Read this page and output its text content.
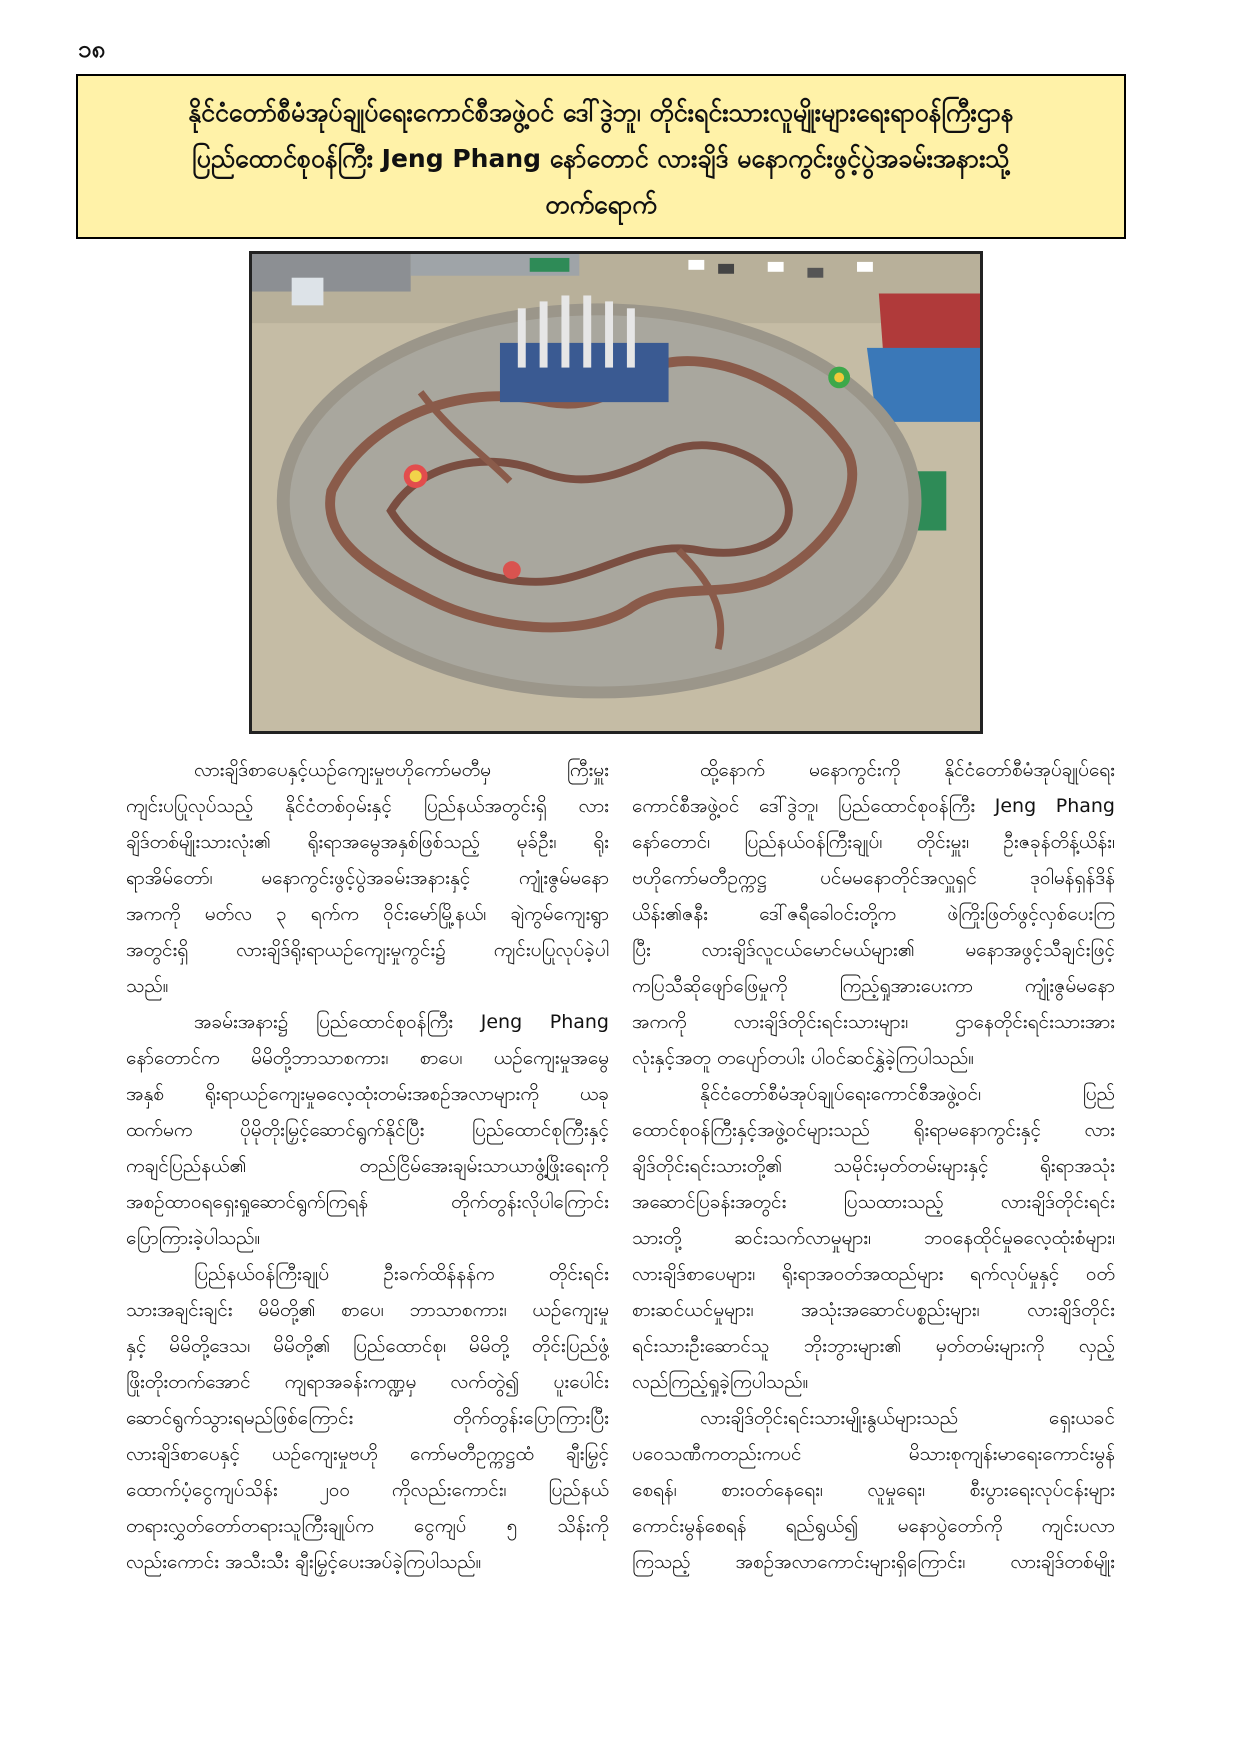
၁၈
နိုင်ငံတော်စီမံအုပ်ချုပ်ရေးကောင်စီအဖွဲ့ဝင် ဒေါ်ဒွဲဘူ၊ တိုင်းရင်းသားလူမျိုးများရေးရာဝန်ကြီးဌာန
ပြည်ထောင်စုဝန်ကြီး Jeng Phang နော်တောင် လားချိဒ် မနောကွင်းဖွင့်ပွဲအခမ်းအနားသို့
တက်ရောက်
လားချိဒ်စာပေနှင့်ယဉ်ကျေးမှုဗဟိုကော်မတီမှ ကြီးမှူး
ကျင်းပပြုလုပ်သည့် နိုင်ငံတစ်ဝှမ်းနှင့် ပြည်နယ်အတွင်းရှိ လား
ချိဒ်တစ်မျိုးသားလုံး၏ ရိုးရာအမွေအနှစ်ဖြစ်သည့် မုခ်ဦး၊ ရိုး
ရာအိမ်တော်၊ မနောကွင်းဖွင့်ပွဲအခမ်းအနားနှင့် ကျုံးဇွမ်မနော
အကကို မတ်လ ၃ ရက်က ဝိုင်းမော်မြို့နယ်၊ ချဲကွမ်ကျေးရွာ
အတွင်းရှိ လားချိဒ်ရိုးရာယဉ်ကျေးမှုကွင်း၌ ကျင်းပပြုလုပ်ခဲ့ပါ
သည်။
အခမ်းအနား၌ ပြည်ထောင်စုဝန်ကြီး Jeng Phang
နော်တောင်က မိမိတို့ဘာသာစကား၊ စာပေ၊ ယဉ်ကျေးမှုအမွေ
အနှစ် ရိုးရာယဉ်ကျေးမှုဓလေ့ထုံးတမ်းအစဉ်အလာများကို ယခု
ထက်မက ပိုမိုတိုးမြှင့်ဆောင်ရွက်နိုင်ပြီး ပြည်ထောင်စုကြီးနှင့်
ကချင်ပြည်နယ်၏ တည်ငြိမ်အေးချမ်းသာယာဖွံ့ဖြိုးရေးကို
အစဉ်ထာဝရရှေးရှုဆောင်ရွက်ကြရန် တိုက်တွန်းလိုပါကြောင်း
ပြောကြားခဲ့ပါသည်။
ပြည်နယ်ဝန်ကြီးချုပ် ဦးခက်ထိန်နန်က တိုင်းရင်း
သားအချင်းချင်း မိမိတို့၏ စာပေ၊ ဘာသာစကား၊ ယဉ်ကျေးမှု
နှင့် မိမိတို့ဒေသ၊ မိမိတို့၏ ပြည်ထောင်စု၊ မိမိတို့ တိုင်းပြည်ဖွံ့
ဖြိုးတိုးတက်အောင် ကျရာအခန်းကဏ္ဍမှ လက်တွဲ၍ ပူးပေါင်း
ဆောင်ရွက်သွားရမည်ဖြစ်ကြောင်း တိုက်တွန်းပြောကြားပြီး
လားချိဒ်စာပေနှင့် ယဉ်ကျေးမှုဗဟို ကော်မတီဥက္ကဋ္ဌထံ ချီးမြှင့်
ထောက်ပံ့ငွေကျပ်သိန်း ၂၀၀ ကိုလည်းကောင်း၊ ပြည်နယ်
တရားလွှတ်တော်တရားသူကြီးချုပ်က ငွေကျပ် ၅ သိန်းကို
လည်းကောင်း အသီးသီး ချီးမြှင့်ပေးအပ်ခဲ့ကြပါသည်။
ထို့နောက် မနောကွင်းကို နိုင်ငံတော်စီမံအုပ်ချုပ်ရေး
ကောင်စီအဖွဲ့ဝင် ဒေါ်ဒွဲဘူ၊ ပြည်ထောင်စုဝန်ကြီး Jeng Phang
နော်တောင်၊ ပြည်နယ်ဝန်ကြီးချုပ်၊ တိုင်းမှူး၊ ဦးဇခုန်တိန့်ယိန်း၊
ဗဟိုကော်မတီဥက္ကဋ္ဌ ပင်မမနောတိုင်အလှူရှင် ဒုဝါမန်ရှန်ဒိန်
ယိန်း၏ဇနီး ဒေါ်ဇရီခေါဝင်းတို့က ဖဲကြိုးဖြတ်ဖွင့်လှစ်ပေးကြ
ပြီး လားချိဒ်လူငယ်မောင်မယ်များ၏ မနောအဖွင့်သီချင်းဖြင့်
ကပြသီဆိုဖျော်ဖြေမှုကို ကြည့်ရှုအားပေးကာ ကျုံးဇွမ်မနော
အကကို လားချိဒ်တိုင်းရင်းသားများ၊ ဌာနေတိုင်းရင်းသားအား
လုံးနှင့်အတူ တပျော်တပါး ပါဝင်ဆင်နွှဲခဲ့ကြပါသည်။
နိုင်ငံတော်စီမံအုပ်ချုပ်ရေးကောင်စီအဖွဲ့ဝင်၊ ပြည်
ထောင်စုဝန်ကြီးနှင့်အဖွဲ့ဝင်များသည် ရိုးရာမနောကွင်းနှင့် လား
ချိဒ်တိုင်းရင်းသားတို့၏ သမိုင်းမှတ်တမ်းများနှင့် ရိုးရာအသုံး
အဆောင်ပြခန်းအတွင်း ပြသထားသည့် လားချိဒ်တိုင်းရင်း
သားတို့ ဆင်းသက်လာမှုများ၊ ဘဝနေထိုင်မှုဓလေ့ထုံးစံများ၊
လားချိဒ်စာပေများ၊ ရိုးရာအဝတ်အထည်များ ရက်လုပ်မှုနှင့် ဝတ်
စားဆင်ယင်မှုများ၊ အသုံးအဆောင်ပစ္စည်းများ၊ လားချိဒ်တိုင်း
ရင်းသားဦးဆောင်သူ ဘိုးဘွားများ၏ မှတ်တမ်းများကို လှည့်
လည်ကြည့်ရှုခဲ့ကြပါသည်။
လားချိဒ်တိုင်းရင်းသားမျိုးနွယ်များသည် ရှေးယခင်
ပဝေသဏီကတည်းကပင် မိသားစုကျန်းမာရေးကောင်းမွန်
စေရန်၊ စားဝတ်နေရေး၊ လူမှုရေး၊ စီးပွားရေးလုပ်ငန်းများ
ကောင်းမွန်စေရန် ရည်ရွယ်၍ မနောပွဲတော်ကို ကျင်းပလာ
ကြသည့် အစဉ်အလာကောင်းများရှိကြောင်း၊ လားချိဒ်တစ်မျိုး
